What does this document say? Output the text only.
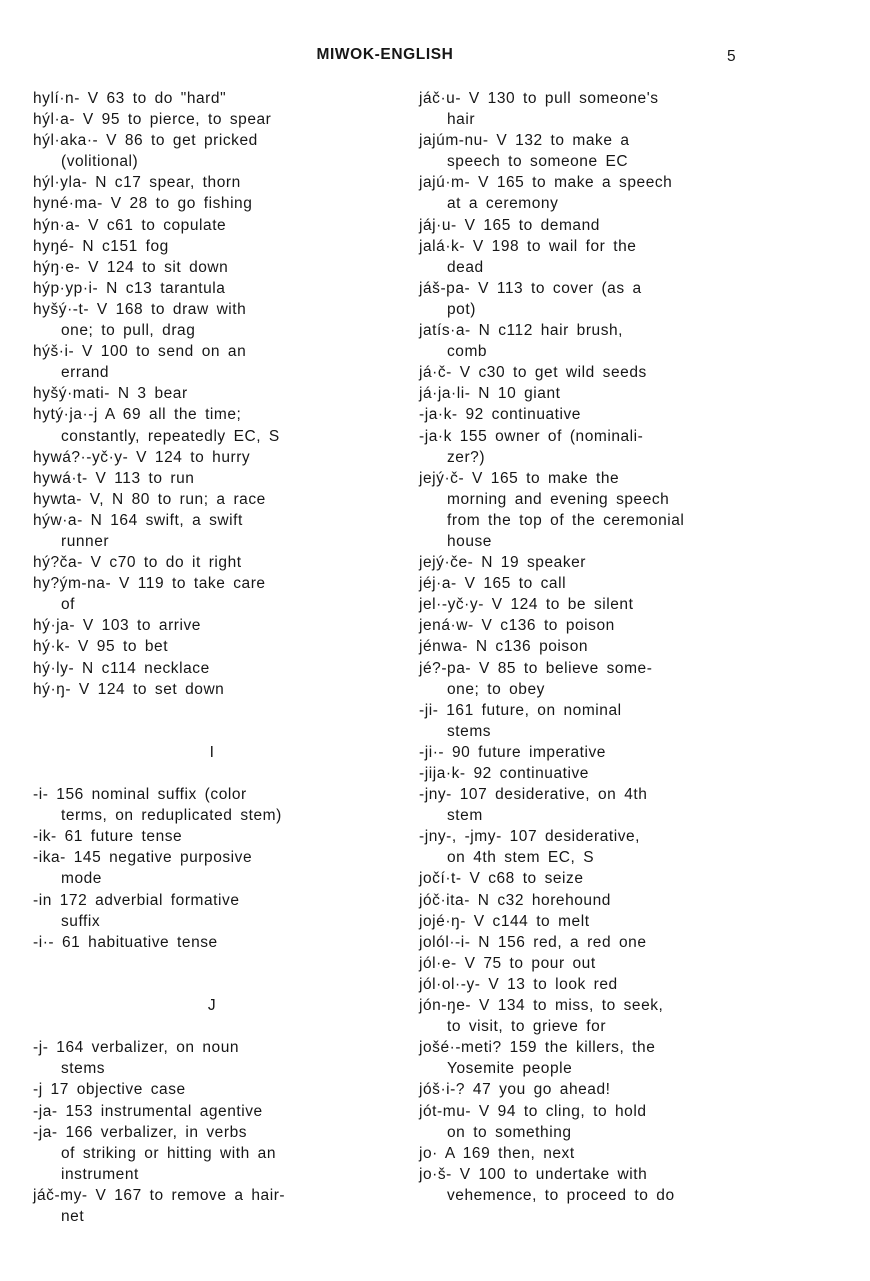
MIWOK-ENGLISH	5
hylí·n- V 63 to do "hard"
hýl·a- V 95 to pierce, to spear
hýl·aka·- V 86 to get pricked
(volitional)
hýl·yla- N c17 spear, thorn
hyné·ma- V 28 to go fishing
hýn·a- V c61 to copulate
hyŋé- N c151 fog
hýŋ·e- V 124 to sit down
hýp·yp·i- N c13 tarantula
hyšý·-t- V 168 to draw with
one; to pull, drag
hýš·i- V 100 to send on an
errand
hyšý·mati- N 3 bear
hytý·ja·-j A 69 all the time;
constantly, repeatedly EC, S
hywá?·-yč·y- V 124 to hurry
hywá·t- V 113 to run
hywta- V, N 80 to run; a race
hýw·a- N 164 swift, a swift
runner
hý?ča- V c70 to do it right
hy?ým-na- V 119 to take care
of
hý·ja- V 103 to arrive
hý·k- V 95 to bet
hý·ly- N c114 necklace
hý·ŋ- V 124 to set down
I
-i- 156 nominal suffix (color
terms, on reduplicated stem)
-ik- 61 future tense
-ika- 145 negative purposive
mode
-in 172 adverbial formative
suffix
-i·- 61 habituative tense
J
-j- 164 verbalizer, on noun
stems
-j 17 objective case
-ja- 153 instrumental agentive
-ja- 166 verbalizer, in verbs
of striking or hitting with an
instrument
jáč-my- V 167 to remove a hair-
net
jáč·u- V 130 to pull someone's
hair
jajúm-nu- V 132 to make a
speech to someone EC
jajú·m- V 165 to make a speech
at a ceremony
jáj·u- V 165 to demand
jalá·k- V 198 to wail for the
dead
jáš-pa- V 113 to cover (as a
pot)
jatís·a- N c112 hair brush,
comb
já·č- V c30 to get wild seeds
já·ja·li- N 10 giant
-ja·k- 92 continuative
-ja·k 155 owner of (nominali-
zer?)
jejý·č- V 165 to make the
morning and evening speech
from the top of the ceremonial
house
jejý·če- N 19 speaker
jéj·a- V 165 to call
jel·-yč·y- V 124 to be silent
jená·w- V c136 to poison
jénwa- N c136 poison
jé?-pa- V 85 to believe some-
one; to obey
-ji- 161 future, on nominal
stems
-ji·- 90 future imperative
-jija·k- 92 continuative
-jny- 107 desiderative, on 4th
stem
-jny-, -jmy- 107 desiderative,
on 4th stem EC, S
jočí·t- V c68 to seize
jóč·ita- N c32 horehound
jojé·ŋ- V c144 to melt
jolól·-i- N 156 red, a red one
jól·e- V 75 to pour out
jól·ol·-y- V 13 to look red
jón-ŋe- V 134 to miss, to seek,
to visit, to grieve for
jošé·-meti? 159 the killers, the
Yosemite people
jóš·i-? 47 you go ahead!
jót-mu- V 94 to cling, to hold
on to something
jo· A 169 then, next
jo·š- V 100 to undertake with
vehemence, to proceed to do
